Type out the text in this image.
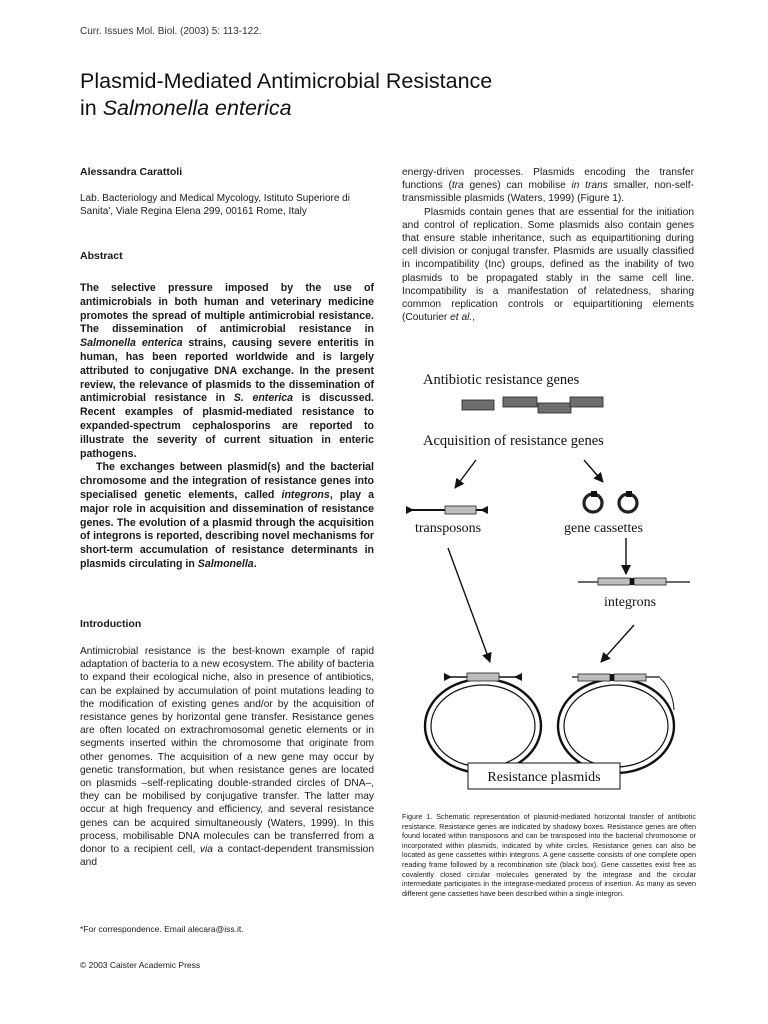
Curr. Issues Mol. Biol. (2003) 5: 113-122.
Plasmid-Mediated Antimicrobial Resistance
in Salmonella enterica
Alessandra Carattoli
Lab. Bacteriology and Medical Mycology, Istituto Superiore di Sanita', Viale Regina Elena 299, 00161 Rome, Italy
Abstract

The selective pressure imposed by the use of antimicrobials in both human and veterinary medicine promotes the spread of multiple antimicrobial resistance. The dissemination of antimicrobial resistance in Salmonella enterica strains, causing severe enteritis in human, has been reported worldwide and is largely attributed to conjugative DNA exchange. In the present review, the relevance of plasmids to the dissemination of antimicrobial resistance in S. enterica is discussed. Recent examples of plasmid-mediated resistance to expanded-spectrum cephalosporins are reported to illustrate the severity of current situation in enteric pathogens.

The exchanges between plasmid(s) and the bacterial chromosome and the integration of resistance genes into specialised genetic elements, called integrons, play a major role in acquisition and dissemination of resistance genes. The evolution of a plasmid through the acquisition of integrons is reported, describing novel mechanisms for short-term accumulation of resistance determinants in plasmids circulating in Salmonella.

Introduction

Antimicrobial resistance is the best-known example of rapid adaptation of bacteria to a new ecosystem. The ability of bacteria to expand their ecological niche, also in presence of antibiotics, can be explained by accumulation of point mutations leading to the modification of existing genes and/or by the acquisition of resistance genes by horizontal gene transfer. Resistance genes are often located on extrachromosomal genetic elements or in segments inserted within the chromosome that originate from other genomes. The acquisition of a new gene may occur by genetic transformation, but when resistance genes are located on plasmids –self-replicating double-stranded circles of DNA–, they can be mobilised by conjugative transfer. The latter may occur at high frequency and efficiency, and several resistance genes can be acquired simultaneously (Waters, 1999). In this process, mobilisable DNA molecules can be transferred from a donor to a recipient cell, via a contact-dependent transmission and

*For correspondence. Email alecara@iss.it.
© 2003 Caister Academic Press

energy-driven processes. Plasmids encoding the transfer functions (tra genes) can mobilise in trans smaller, non-self-transmissible plasmids (Waters, 1999) (Figure 1).

Plasmids contain genes that are essential for the initiation and control of replication. Some plasmids also contain genes that ensure stable inheritance, such as equipartitioning during cell division or conjugal transfer. Plasmids are usually classified in incompatibility (Inc) groups, defined as the inability of two plasmids to be propagated stably in the same cell line. Incompatibility is a manifestation of relatedness, sharing common replication controls or equipartitioning elements (Couturier et al.,

Antibiotic resistance genes
Acquisition of resistance genes
transposons	gene cassettes
integrons
Resistance plasmids

Figure 1. Schematic representation of plasmid-mediated horizontal transfer of antibiotic resistance. Resistance genes are indicated by shadowy boxes. Resistance genes are often found located within transposons and can be transposed into the bacterial chromosome or incorporated within plasmids, indicated by white circles. Resistance genes can also be located as gene cassettes within integrons. A gene cassette consists of one complete open reading frame followed by a recombination site (black box). Gene cassettes exist free as covalently closed circular molecules generated by the integrase and the circular intermediate participates in the integrase-mediated process of insertion. As many as seven different gene cassettes have been described within a single integron.
